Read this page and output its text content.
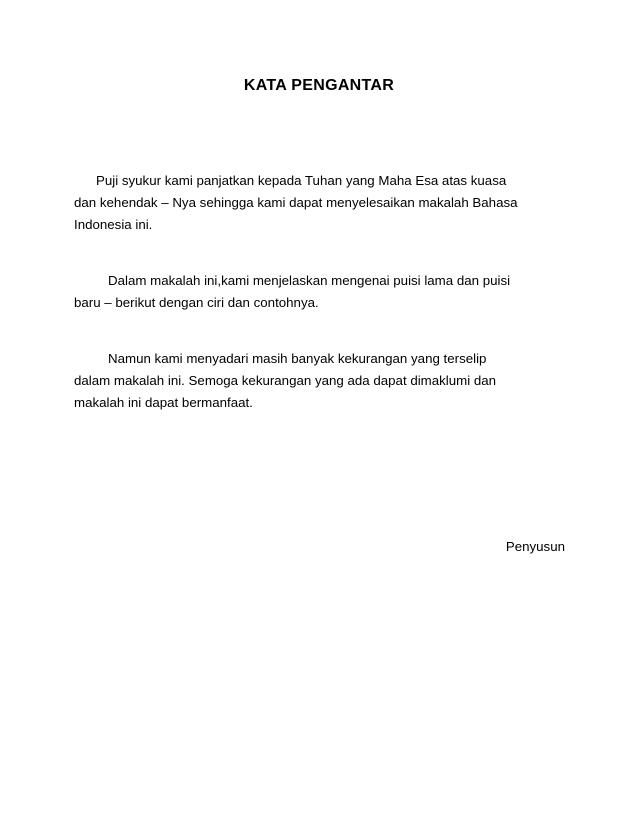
KATA PENGANTAR

Puji syukur kami panjatkan kepada Tuhan yang Maha Esa atas kuasa
dan kehendak – Nya sehingga kami dapat menyelesaikan makalah Bahasa
Indonesia ini.

Dalam makalah ini,kami menjelaskan mengenai puisi lama dan puisi
baru – berikut dengan ciri dan contohnya.

Namun kami menyadari masih banyak kekurangan yang terselip
dalam makalah ini. Semoga kekurangan yang ada dapat dimaklumi dan
makalah ini dapat bermanfaat.

Penyusun
